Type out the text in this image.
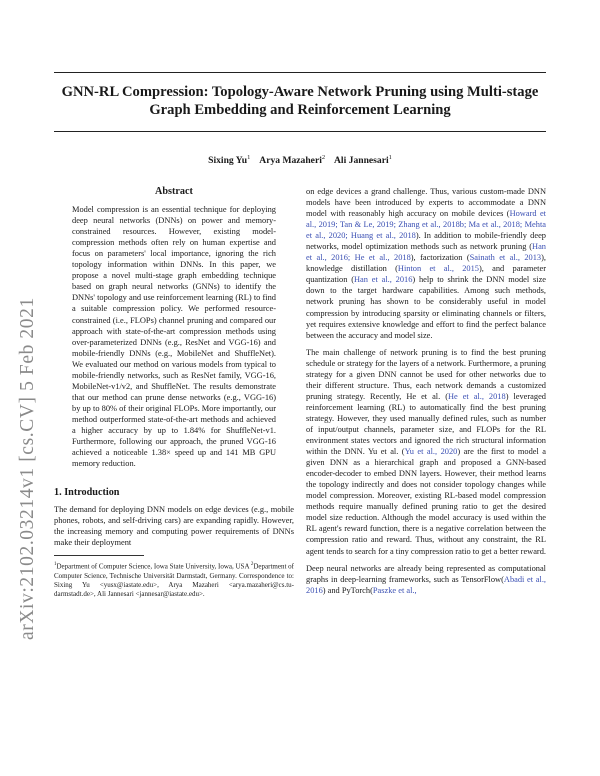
arXiv:2102.03214v1 [cs.CV] 5 Feb 2021
GNN-RL Compression: Topology-Aware Network Pruning using Multi-stage Graph Embedding and Reinforcement Learning
Sixing Yu$^1$ Arya Mazaheri$^2$ Ali Jannesari$^1$
Abstract

Model compression is an essential technique for deploying deep neural networks (DNNs) on power and memory-constrained resources. However, existing model-compression methods often rely on human expertise and focus on parameters' local importance, ignoring the rich topology information within DNNs. In this paper, we propose a novel multi-stage graph embedding technique based on graph neural networks (GNNs) to identify the DNNs' topology and use reinforcement learning (RL) to find a suitable compression policy. We performed resource-constrained (i.e., FLOPs) channel pruning and compared our approach with state-of-the-art compression methods using over-parameterized DNNs (e.g., ResNet and VGG-16) and mobile-friendly DNNs (e.g., MobileNet and ShuffleNet). We evaluated our method on various models from typical to mobile-friendly networks, such as ResNet family, VGG-16, MobileNet-v1/v2, and ShuffleNet. The results demonstrate that our method can prune dense networks (e.g., VGG-16) by up to 80% of their original FLOPs. More importantly, our method outperformed state-of-the-art methods and achieved a higher accuracy by up to 1.84% for ShuffleNet-v1. Furthermore, following our approach, the pruned VGG-16 achieved a noticeable 1.38× speed up and 141 MB GPU memory reduction.

1. Introduction

The demand for deploying DNN models on edge devices (e.g., mobile phones, robots, and self-driving cars) are expanding rapidly. However, the increasing memory and computing power requirements of DNNs make their deployment

$^1$Department of Computer Science, Iowa State University, Iowa, USA $^2$Department of Computer Science, Technische Universität Darmstadt, Germany. Correspondence to: Sixing Yu <yusx@iastate.edu>, Arya Mazaheri <arya.mazaheri@cs.tu-darmstadt.de>, Ali Jannesari <jannesar@iastate.edu>.

on edge devices a grand challenge. Thus, various custom-made DNN models have been introduced by experts to accommodate a DNN model with reasonably high accuracy on mobile devices (Howard et al., 2019; Tan & Le, 2019; Zhang et al., 2018b; Ma et al., 2018; Mehta et al., 2020; Huang et al., 2018). In addition to mobile-friendly deep networks, model optimization methods such as network pruning (Han et al., 2016; He et al., 2018), factorization (Sainath et al., 2013), knowledge distillation (Hinton et al., 2015), and parameter quantization (Han et al., 2016) help to shrink the DNN model size down to the target hardware capabilities. Among such methods, network pruning has shown to be considerably useful in model compression by introducing sparsity or eliminating channels or filters, yet requires extensive knowledge and effort to find the perfect balance between the accuracy and model size.

The main challenge of network pruning is to find the best pruning schedule or strategy for the layers of a network. Furthermore, a pruning strategy for a given DNN cannot be used for other networks due to their different structure. Thus, each network demands a customized pruning strategy. Recently, He et al. (He et al., 2018) leveraged reinforcement learning (RL) to automatically find the best pruning strategy. However, they used manually defined rules, such as number of input/output channels, parameter size, and FLOPs for the RL environment states vectors and ignored the rich structural information within the DNN. Yu et al. (Yu et al., 2020) are the first to model a given DNN as a hierarchical graph and proposed a GNN-based encoder-decoder to embed DNN layers. However, their method learns the topology indirectly and does not consider topology changes while model compression. Moreover, existing RL-based model compression methods require manually defined pruning ratio to get the desired model size reduction. Although the model accuracy is used within the RL agent's reward function, there is a negative correlation between the compression ratio and reward. Thus, without any constraint, the RL agent tends to search for a tiny compression ratio to get a better reward.

Deep neural networks are already being represented as computational graphs in deep-learning frameworks, such as TensorFlow(Abadi et al., 2016) and PyTorch(Paszke et al.,
